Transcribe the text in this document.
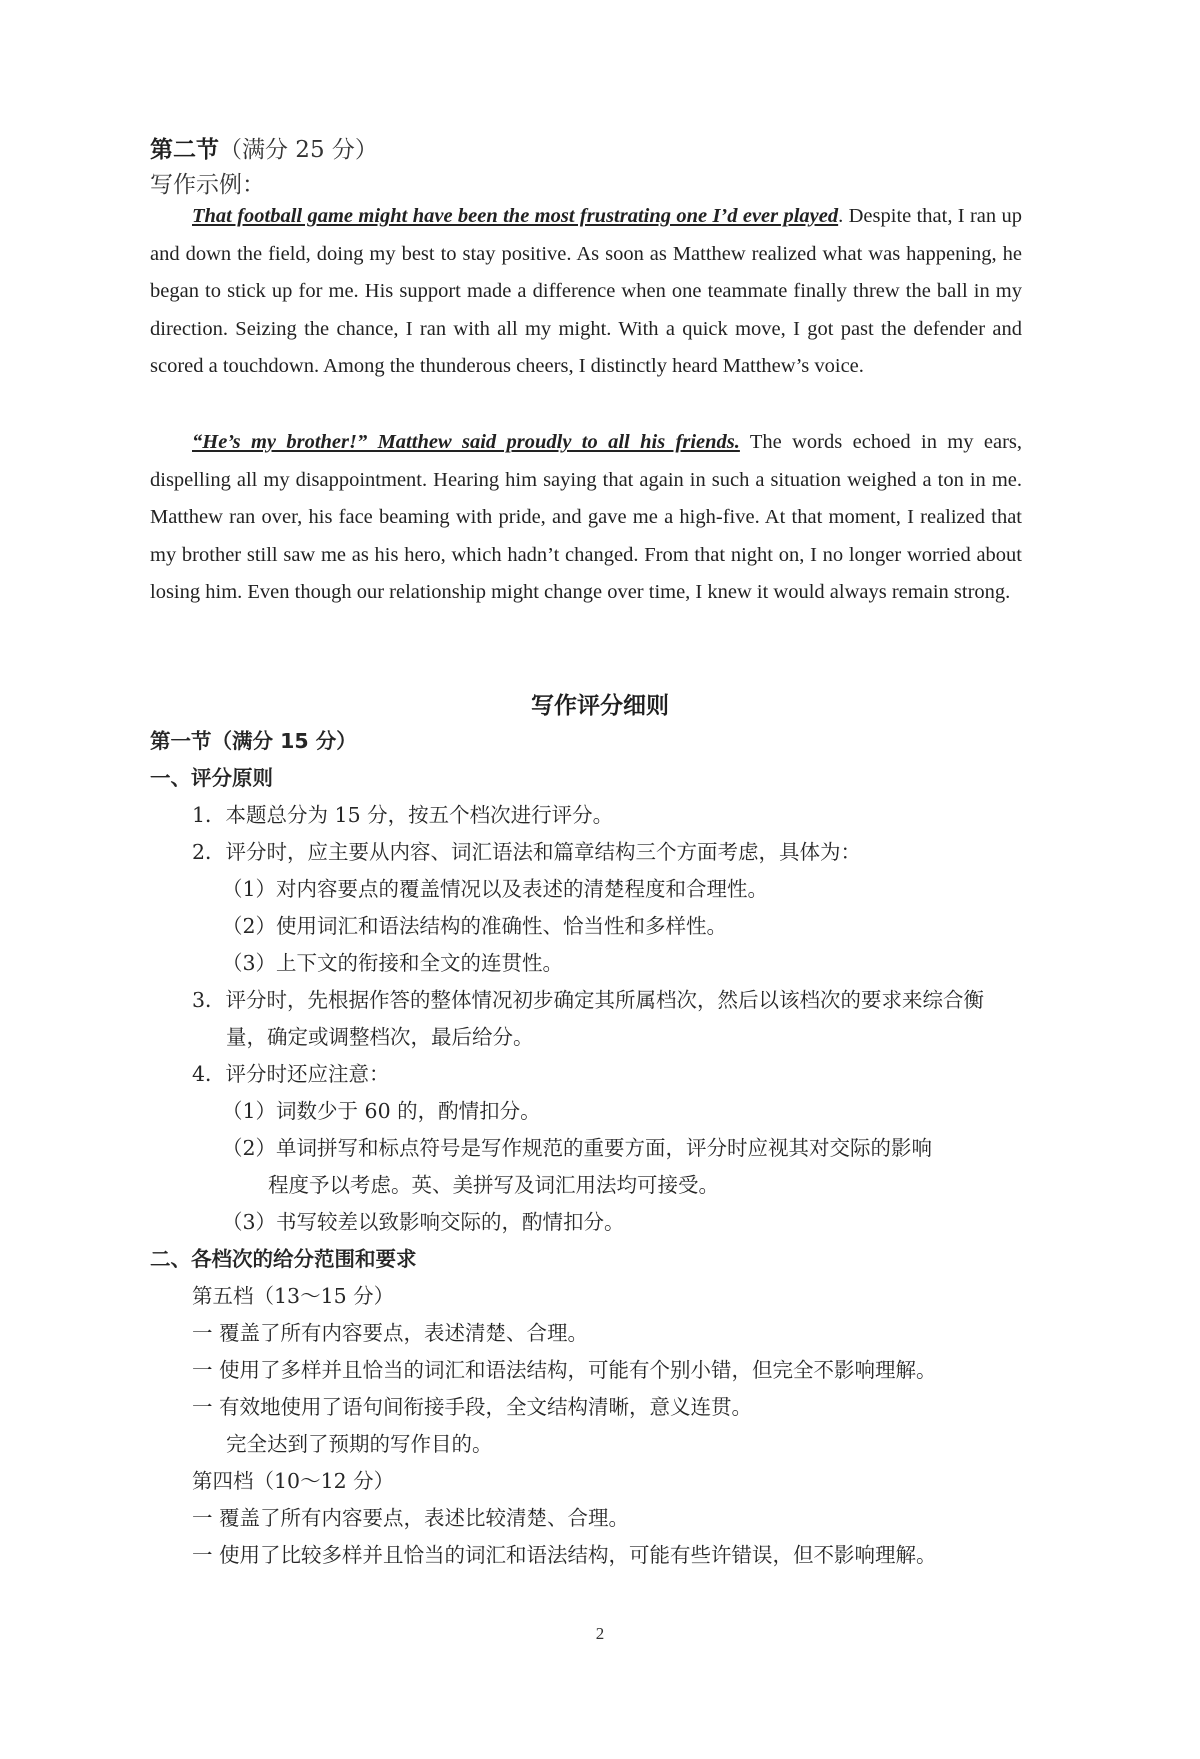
第二节（满分 25 分）
写作示例：

That football game might have been the most frustrating one I’d ever played. Despite that, I ran up and down the field, doing my best to stay positive. As soon as Matthew realized what was happening, he began to stick up for me. His support made a difference when one teammate finally threw the ball in my direction. Seizing the chance, I ran with all my might. With a quick move, I got past the defender and scored a touchdown. Among the thunderous cheers, I distinctly heard Matthew’s voice.

“He’s my brother!” Matthew said proudly to all his friends. The words echoed in my ears, dispelling all my disappointment. Hearing him saying that again in such a situation weighed a ton in me. Matthew ran over, his face beaming with pride, and gave me a high-five. At that moment, I realized that my brother still saw me as his hero, which hadn’t changed. From that night on, I no longer worried about losing him. Even though our relationship might change over time, I knew it would always remain strong.

写作评分细则
第一节（满分 15 分）
一、评分原则
1．本题总分为 15 分，按五个档次进行评分。
2．评分时，应主要从内容、词汇语法和篇章结构三个方面考虑，具体为：
（1）对内容要点的覆盖情况以及表述的清楚程度和合理性。
（2）使用词汇和语法结构的准确性、恰当性和多样性。
（3）上下文的衔接和全文的连贯性。
3．评分时，先根据作答的整体情况初步确定其所属档次，然后以该档次的要求来综合衡
量，确定或调整档次，最后给分。
4．评分时还应注意：
（1）词数少于 60 的，酌情扣分。
（2）单词拼写和标点符号是写作规范的重要方面，评分时应视其对交际的影响
程度予以考虑。英、美拼写及词汇用法均可接受。
（3）书写较差以致影响交际的，酌情扣分。
二、各档次的给分范围和要求
第五档（13～15 分）
一 覆盖了所有内容要点，表述清楚、合理。
一 使用了多样并且恰当的词汇和语法结构，可能有个别小错，但完全不影响理解。
一 有效地使用了语句间衔接手段，全文结构清晰，意义连贯。
完全达到了预期的写作目的。
第四档（10～12 分）
一 覆盖了所有内容要点，表述比较清楚、合理。
一 使用了比较多样并且恰当的词汇和语法结构，可能有些许错误，但不影响理解。
2
